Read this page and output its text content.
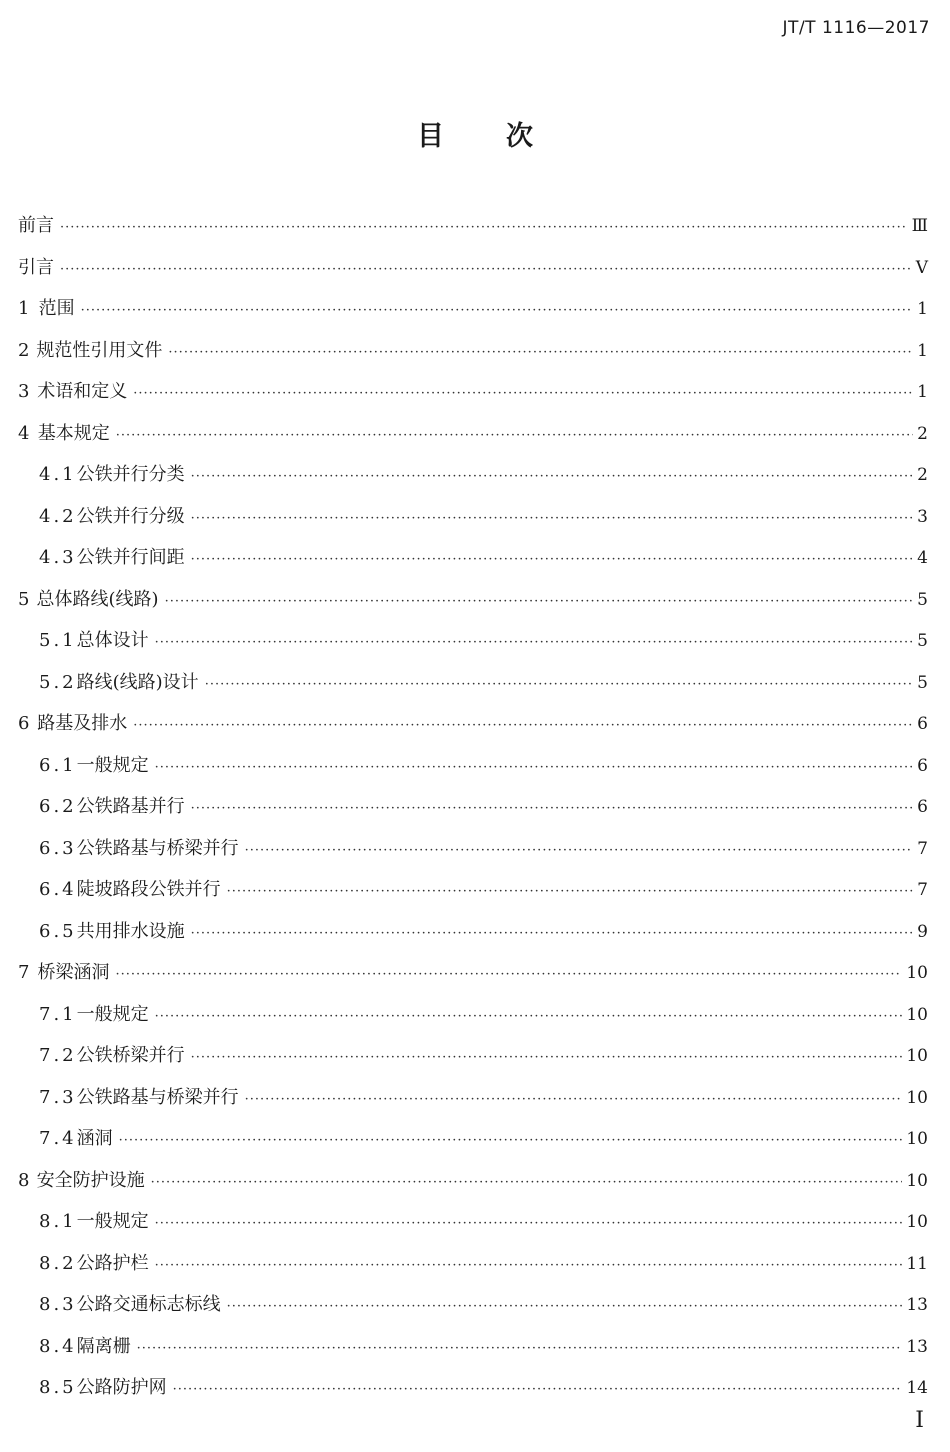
JT/T 1116—2017
目次
前言 ·····	Ⅲ
引言 ·····	Ⅴ
1 范围 ·····	1
2 规范性引用文件 ·····	1
3 术语和定义 ·····	1
4 基本规定 ·····	2
4.1 公铁并行分类 ·····	2
4.2 公铁并行分级 ·····	3
4.3 公铁并行间距 ·····	4
5 总体路线(线路) ·····	5
5.1 总体设计 ·····	5
5.2 路线(线路)设计 ·····	5
6 路基及排水 ·····	6
6.1 一般规定 ·····	6
6.2 公铁路基并行 ·····	6
6.3 公铁路基与桥梁并行 ·····	7
6.4 陡坡路段公铁并行 ·····	7
6.5 共用排水设施 ·····	9
7 桥梁涵洞 ·····	10
7.1 一般规定 ·····	10
7.2 公铁桥梁并行 ·····	10
7.3 公铁路基与桥梁并行 ·····	10
7.4 涵洞 ·····	10
8 安全防护设施 ·····	10
8.1 一般规定 ·····	10
8.2 公路护栏 ·····	11
8.3 公路交通标志标线 ·····	13
8.4 隔离栅 ·····	13
8.5 公路防护网 ·····	14
Ⅰ
